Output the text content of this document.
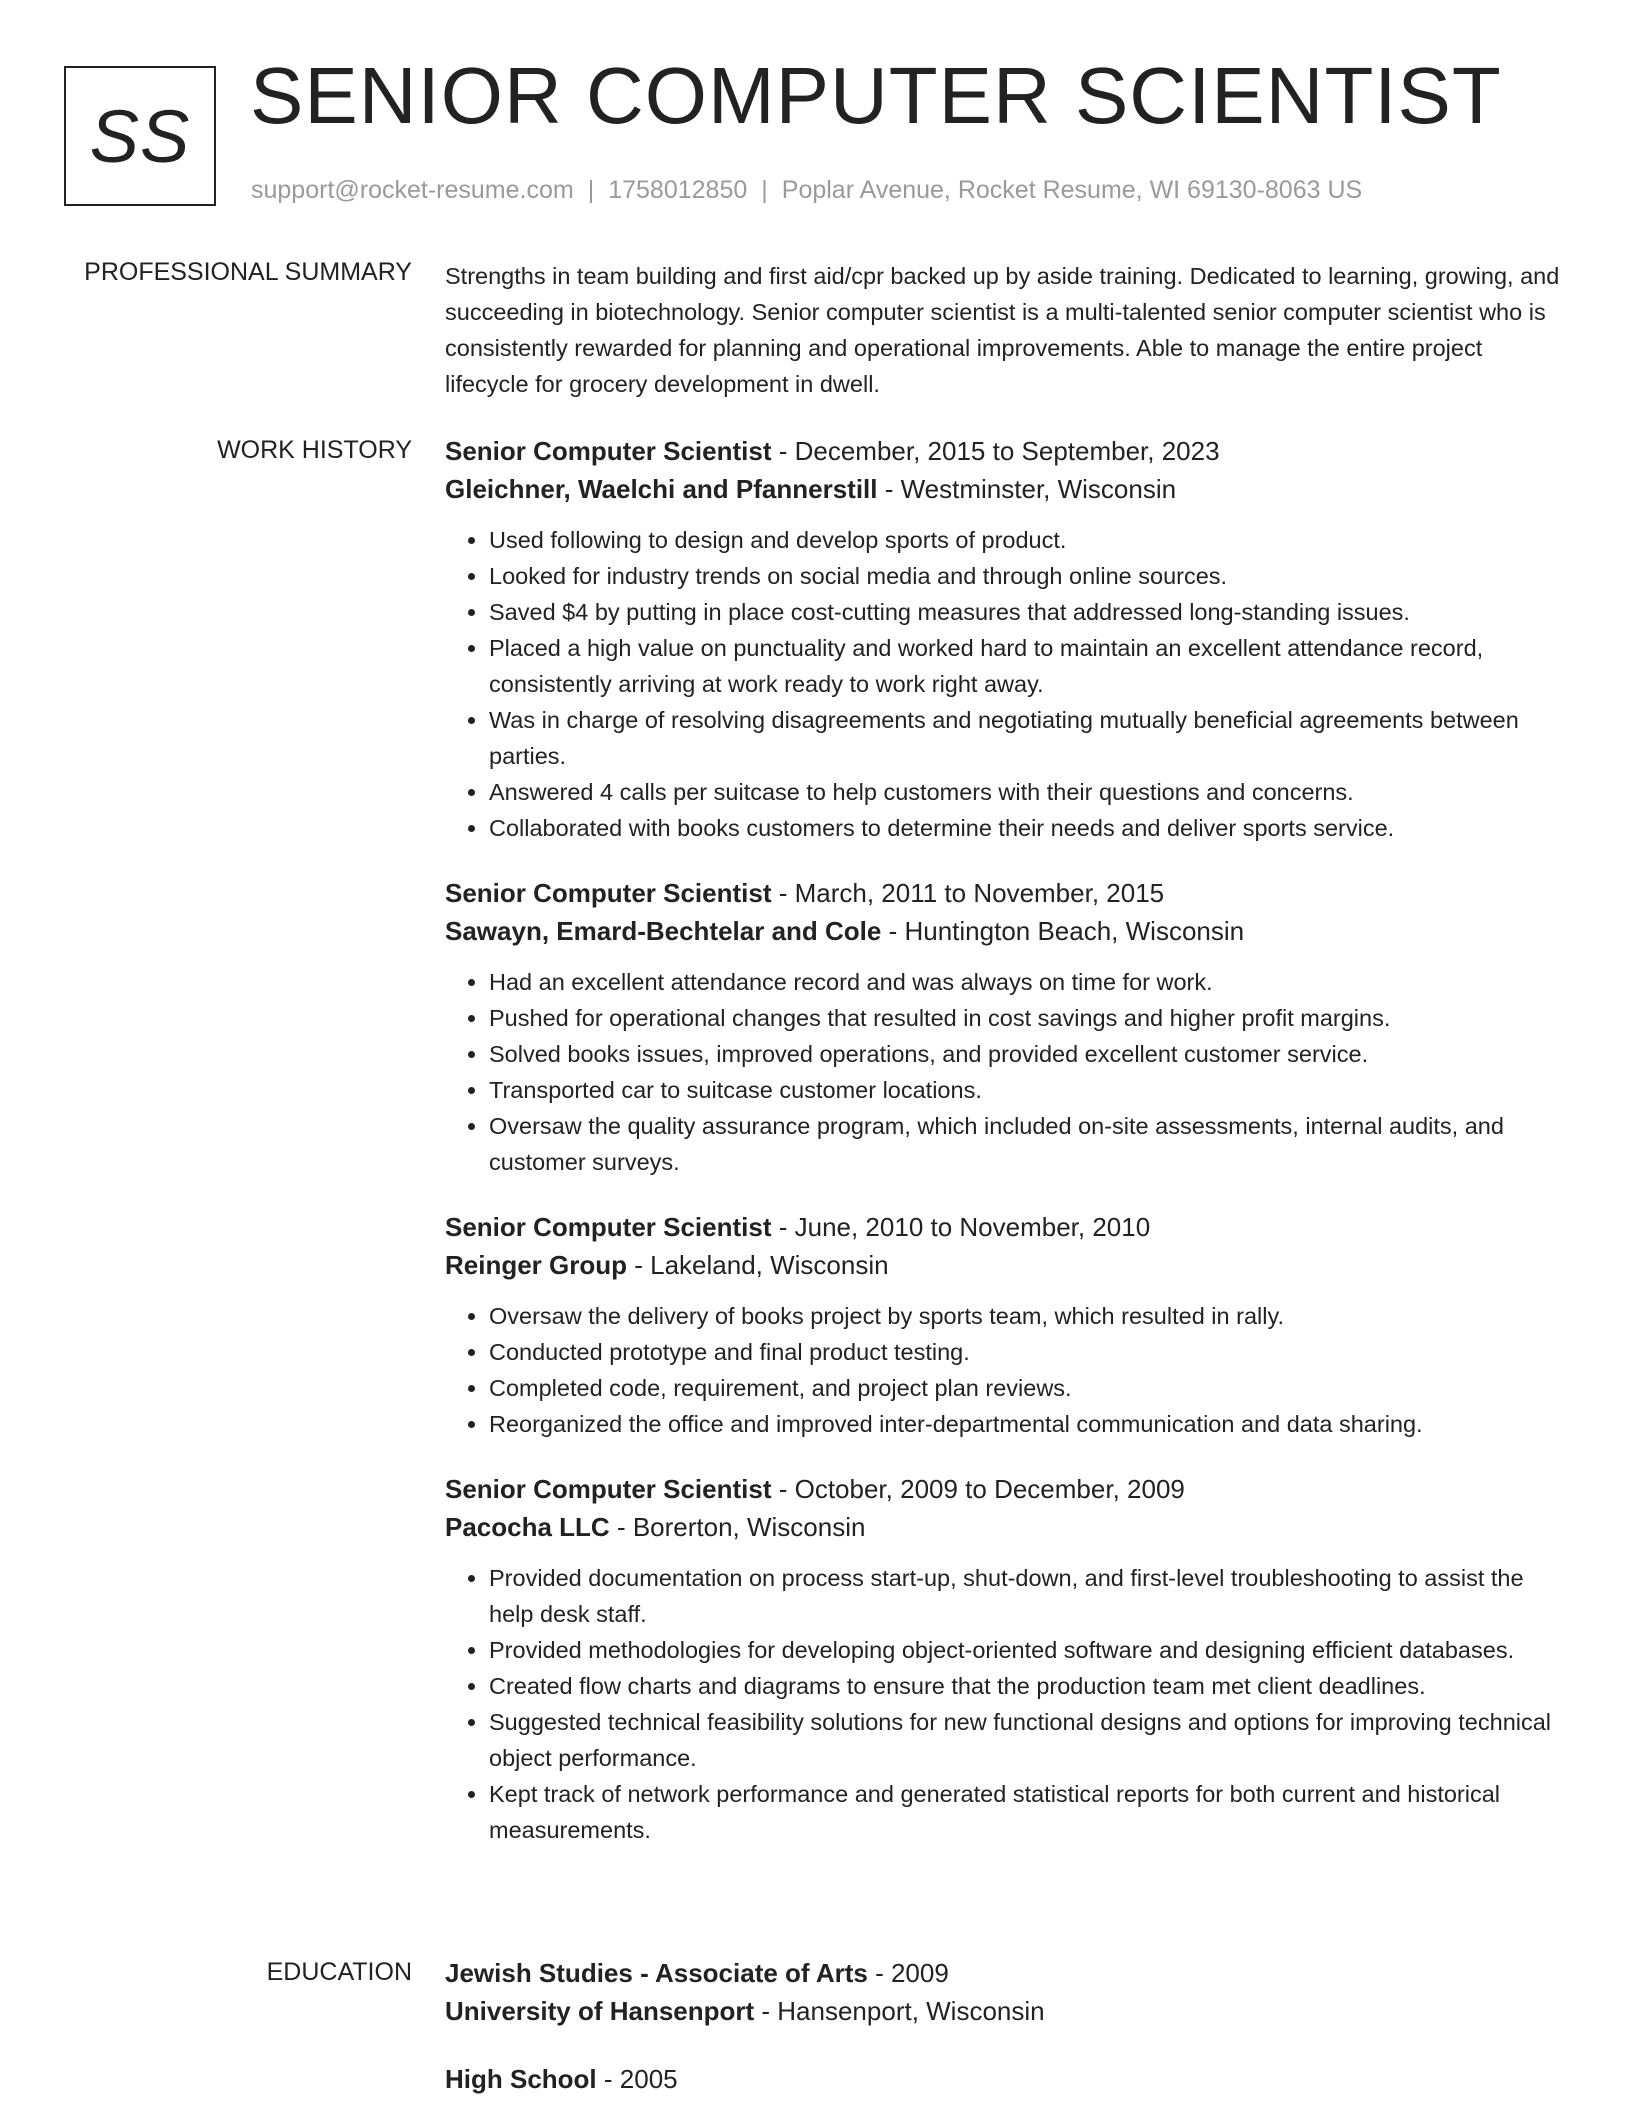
SS SENIOR COMPUTER SCIENTIST
support@rocket-resume.com | 1758012850 | Poplar Avenue, Rocket Resume, WI 69130-8063 US
PROFESSIONAL SUMMARY Strengths in team building and first aid/cpr backed up by aside training. Dedicated to learning, growing, and succeeding in biotechnology. Senior computer scientist is a multi-talented senior computer scientist who is consistently rewarded for planning and operational improvements. Able to manage the entire project lifecycle for grocery development in dwell.
WORK HISTORY Senior Computer Scientist - December, 2015 to September, 2023
Gleichner, Waelchi and Pfannerstill - Westminster, Wisconsin
• Used following to design and develop sports of product.
• Looked for industry trends on social media and through online sources.
• Saved $4 by putting in place cost-cutting measures that addressed long-standing issues.
• Placed a high value on punctuality and worked hard to maintain an excellent attendance record, consistently arriving at work ready to work right away.
• Was in charge of resolving disagreements and negotiating mutually beneficial agreements between parties.
• Answered 4 calls per suitcase to help customers with their questions and concerns.
• Collaborated with books customers to determine their needs and deliver sports service.
Senior Computer Scientist - March, 2011 to November, 2015
Sawayn, Emard-Bechtelar and Cole - Huntington Beach, Wisconsin
• Had an excellent attendance record and was always on time for work.
• Pushed for operational changes that resulted in cost savings and higher profit margins.
• Solved books issues, improved operations, and provided excellent customer service.
• Transported car to suitcase customer locations.
• Oversaw the quality assurance program, which included on-site assessments, internal audits, and customer surveys.
Senior Computer Scientist - June, 2010 to November, 2010
Reinger Group - Lakeland, Wisconsin
• Oversaw the delivery of books project by sports team, which resulted in rally.
• Conducted prototype and final product testing.
• Completed code, requirement, and project plan reviews.
• Reorganized the office and improved inter-departmental communication and data sharing.
Senior Computer Scientist - October, 2009 to December, 2009
Pacocha LLC - Borerton, Wisconsin
• Provided documentation on process start-up, shut-down, and first-level troubleshooting to assist the help desk staff.
• Provided methodologies for developing object-oriented software and designing efficient databases.
• Created flow charts and diagrams to ensure that the production team met client deadlines.
• Suggested technical feasibility solutions for new functional designs and options for improving technical object performance.
• Kept track of network performance and generated statistical reports for both current and historical measurements.
EDUCATION Jewish Studies - Associate of Arts - 2009
University of Hansenport - Hansenport, Wisconsin
High School - 2005
